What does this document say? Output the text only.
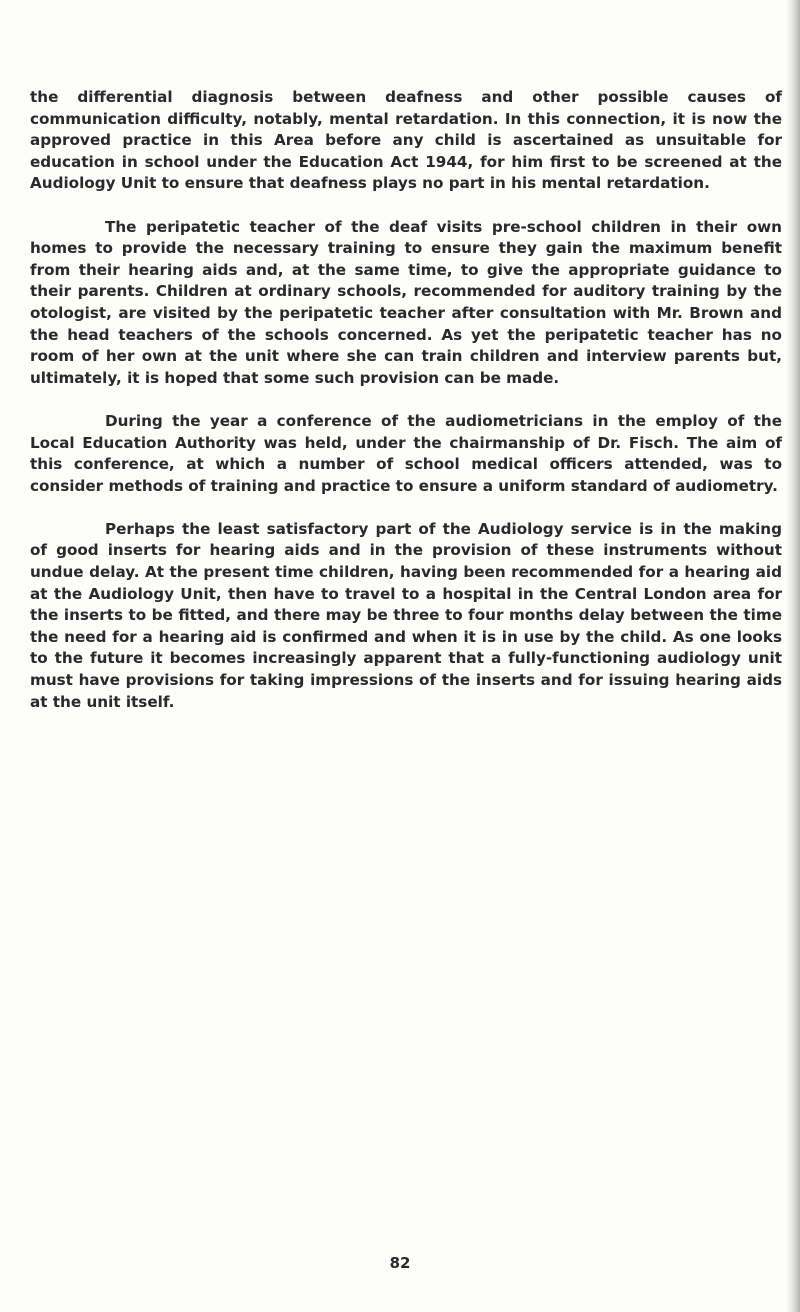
the differential diagnosis between deafness and other possible causes of communication difficulty, notably, mental retardation. In this connection, it is now the approved practice in this Area before any child is ascertained as unsuitable for education in school under the Education Act 1944, for him first to be screened at the Audiology Unit to ensure that deafness plays no part in his mental retardation.

The peripatetic teacher of the deaf visits pre-school children in their own homes to provide the necessary training to ensure they gain the maximum benefit from their hearing aids and, at the same time, to give the appropriate guidance to their parents. Children at ordinary schools, recommended for auditory training by the otologist, are visited by the peripatetic teacher after consultation with Mr. Brown and the head teachers of the schools concerned. As yet the peripatetic teacher has no room of her own at the unit where she can train children and interview parents but, ultimately, it is hoped that some such provision can be made.

During the year a conference of the audiometricians in the employ of the Local Education Authority was held, under the chairmanship of Dr. Fisch. The aim of this conference, at which a number of school medical officers attended, was to consider methods of training and practice to ensure a uniform standard of audiometry.

Perhaps the least satisfactory part of the Audiology service is in the making of good inserts for hearing aids and in the provision of these instruments without undue delay. At the present time children, having been recommended for a hearing aid at the Audiology Unit, then have to travel to a hospital in the Central London area for the inserts to be fitted, and there may be three to four months delay between the time the need for a hearing aid is confirmed and when it is in use by the child. As one looks to the future it becomes increasingly apparent that a fully-functioning audiology unit must have provisions for taking impressions of the inserts and for issuing hearing aids at the unit itself.

82
